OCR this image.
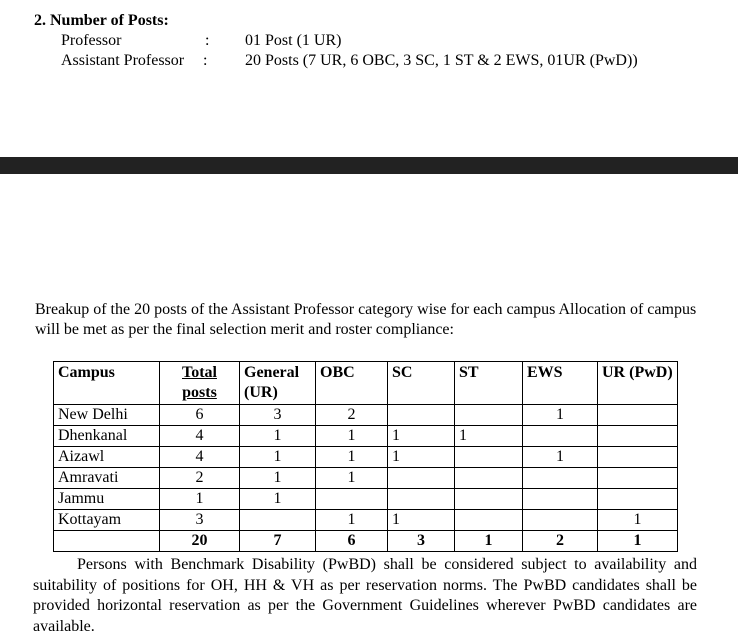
2. Number of Posts:
Professor	: 01 Post (1 UR)
Assistant Professor : 20 Posts (7 UR, 6 OBC, 3 SC, 1 ST & 2 EWS, 01UR (PwD))
Breakup of the 20 posts of the Assistant Professor category wise for each campus Allocation of campus will be met as per the final selection merit and roster compliance:
Campus	Total posts	General (UR)	OBC	SC	ST	EWS	UR (PwD)
New Delhi	6	3	2			1	
Dhenkanal	4	1	1	1	1		
Aizawl	4	1	1	1		1	
Amravati	2	1	1				
Jammu	1	1					
Kottayam	3		1	1			1
	20	7	6	3	1	2	1
Persons with Benchmark Disability (PwBD) shall be considered subject to availability and suitability of positions for OH, HH & VH as per reservation norms. The PwBD candidates shall be provided horizontal reservation as per the Government Guidelines wherever PwBD candidates are available.
